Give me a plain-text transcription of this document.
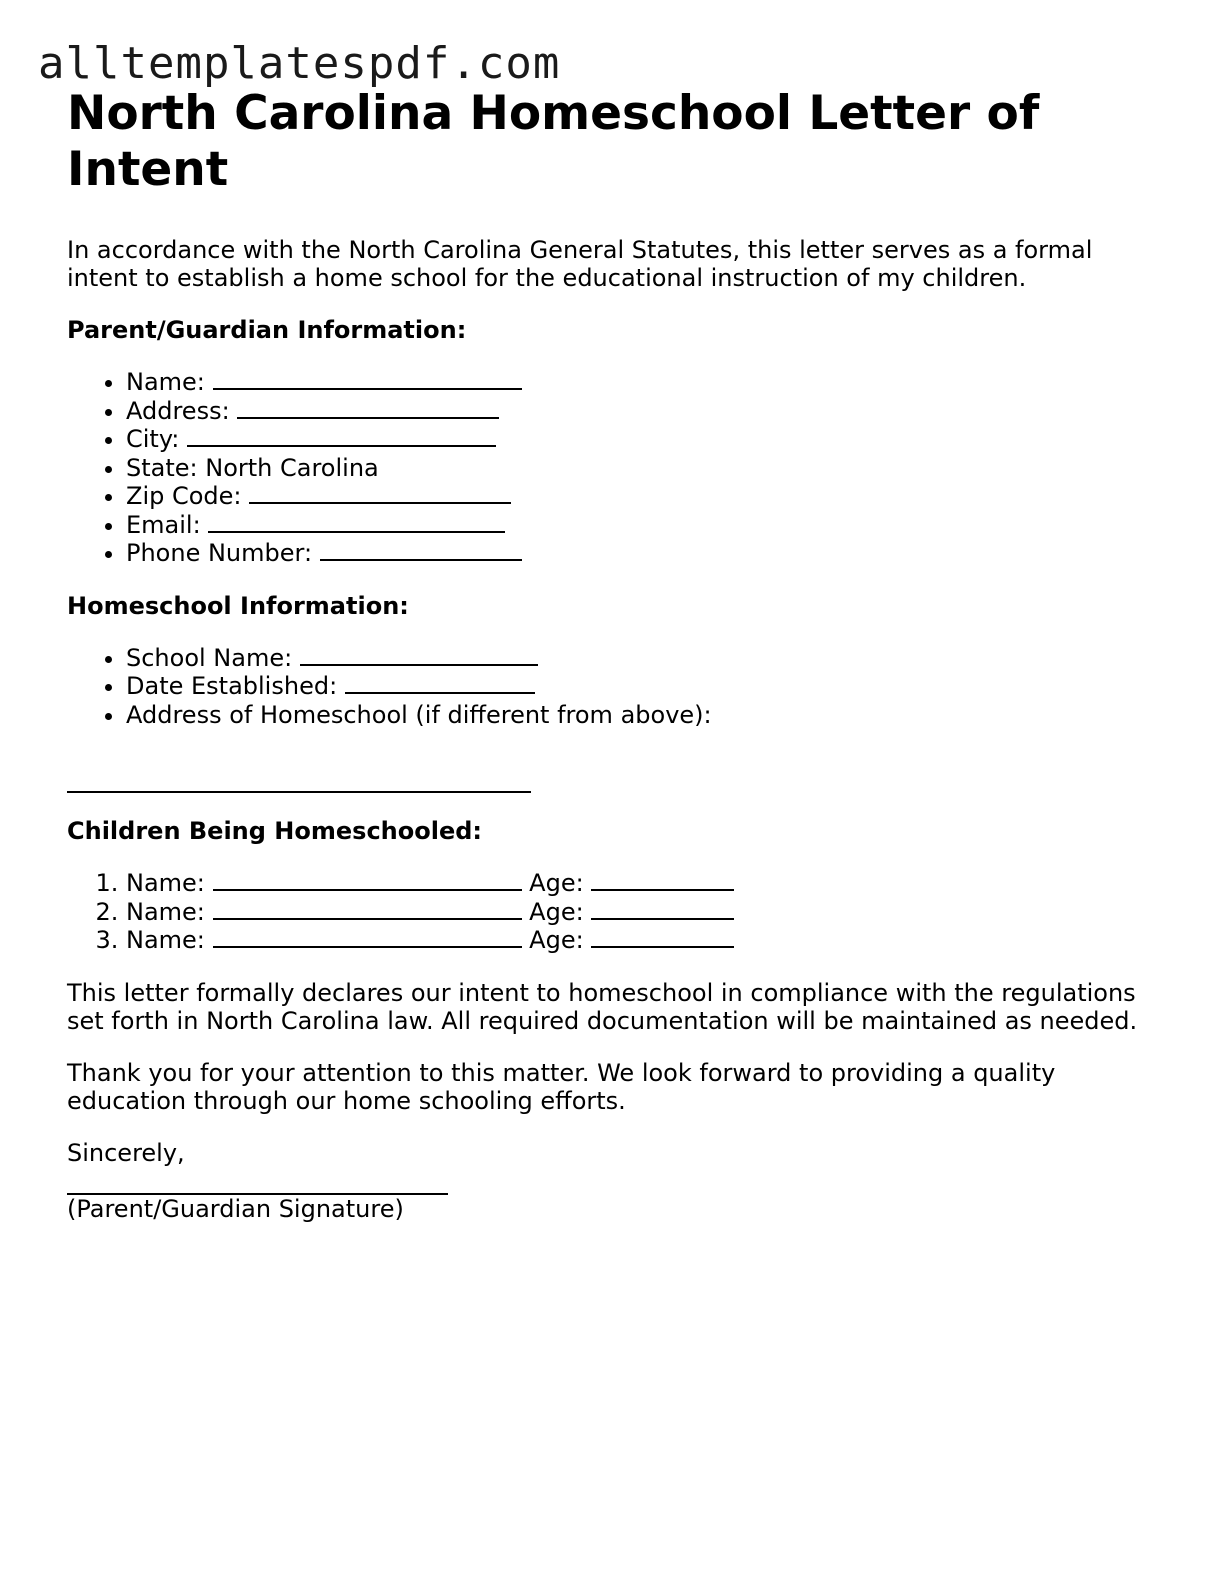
alltemplatespdf.com
North Carolina Homeschool Letter of Intent

In accordance with the North Carolina General Statutes, this letter serves as a formal intent to establish a home school for the educational instruction of my children.

Parent/Guardian Information:

• Name:
• Address:
• City:
• State: North Carolina
• Zip Code:
• Email:
• Phone Number:

Homeschool Information:

• School Name:
• Date Established:
• Address of Homeschool (if different from above):

Children Being Homeschooled:

1. Name:	Age:
2. Name:	Age:
3. Name:	Age:

This letter formally declares our intent to homeschool in compliance with the regulations set forth in North Carolina law. All required documentation will be maintained as needed.

Thank you for your attention to this matter. We look forward to providing a quality education through our home schooling efforts.

Sincerely,

(Parent/Guardian Signature)
